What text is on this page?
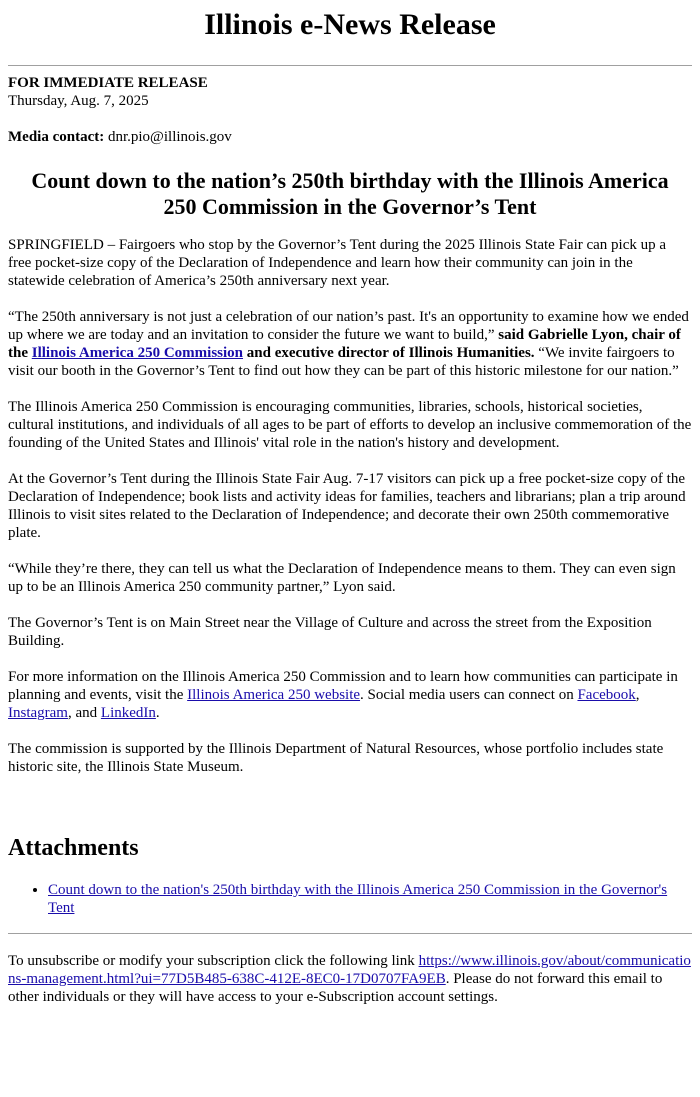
Illinois e-News Release
FOR IMMEDIATE RELEASE
Thursday, Aug. 7, 2025
Media contact: dnr.pio@illinois.gov
Count down to the nation’s 250th birthday with the Illinois America 250 Commission in the Governor’s Tent

SPRINGFIELD – Fairgoers who stop by the Governor’s Tent during the 2025 Illinois State Fair can pick up a free pocket-size copy of the Declaration of Independence and learn how their community can join in the statewide celebration of America’s 250th anniversary next year.

“The 250th anniversary is not just a celebration of our nation’s past. It's an opportunity to examine how we ended up where we are today and an invitation to consider the future we want to build,” said Gabrielle Lyon, chair of the Illinois America 250 Commission and executive director of Illinois Humanities. “We invite fairgoers to visit our booth in the Governor’s Tent to find out how they can be part of this historic milestone for our nation.”

The Illinois America 250 Commission is encouraging communities, libraries, schools, historical societies, cultural institutions, and individuals of all ages to be part of efforts to develop an inclusive commemoration of the founding of the United States and Illinois' vital role in the nation's history and development.

At the Governor’s Tent during the Illinois State Fair Aug. 7-17 visitors can pick up a free pocket-size copy of the Declaration of Independence; book lists and activity ideas for families, teachers and librarians; plan a trip around Illinois to visit sites related to the Declaration of Independence; and decorate their own 250th commemorative plate.

“While they’re there, they can tell us what the Declaration of Independence means to them. They can even sign up to be an Illinois America 250 community partner,” Lyon said.

The Governor’s Tent is on Main Street near the Village of Culture and across the street from the Exposition Building.

For more information on the Illinois America 250 Commission and to learn how communities can participate in planning and events, visit the Illinois America 250 website. Social media users can connect on Facebook, Instagram, and LinkedIn.

The commission is supported by the Illinois Department of Natural Resources, whose portfolio includes state historic site, the Illinois State Museum.

Attachments
• Count down to the nation's 250th birthday with the Illinois America 250 Commission in the Governor's Tent
To unsubscribe or modify your subscription click the following link https://www.illinois.gov/about/communications-management.html?ui=77D5B485-638C-412E-8EC0-17D0707FA9EB. Please do not forward this email to other individuals or they will have access to your e-Subscription account settings.
